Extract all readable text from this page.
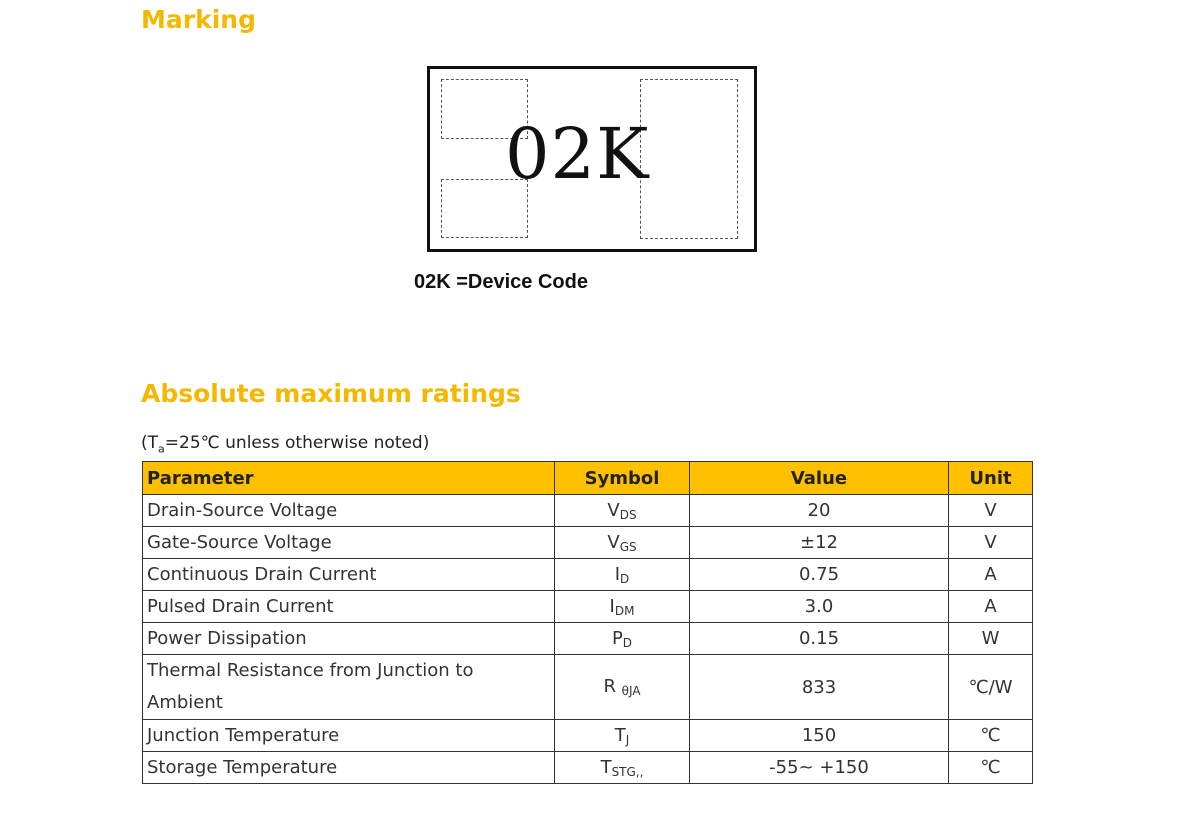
Marking
02K
02K =Device Code
Absolute maximum ratings
($T_a=25℃$ unless otherwise noted)
Parameter	Symbol	Value	Unit
Drain-Source Voltage	$V_{DS}$	20	V
Gate-Source Voltage	$V_{GS}$	±12	V
Continuous Drain Current	$I_D$	0.75	A
Pulsed Drain Current	$I_{DM}$	3.0	A
Power Dissipation	$P_D$	0.15	W
Thermal Resistance from Junction to Ambient	R $_{\theta JA}$	833	℃/W
Junction Temperature	$T_J$	150	℃
Storage Temperature	$T_{STG,,}$	-55~ +150	℃
